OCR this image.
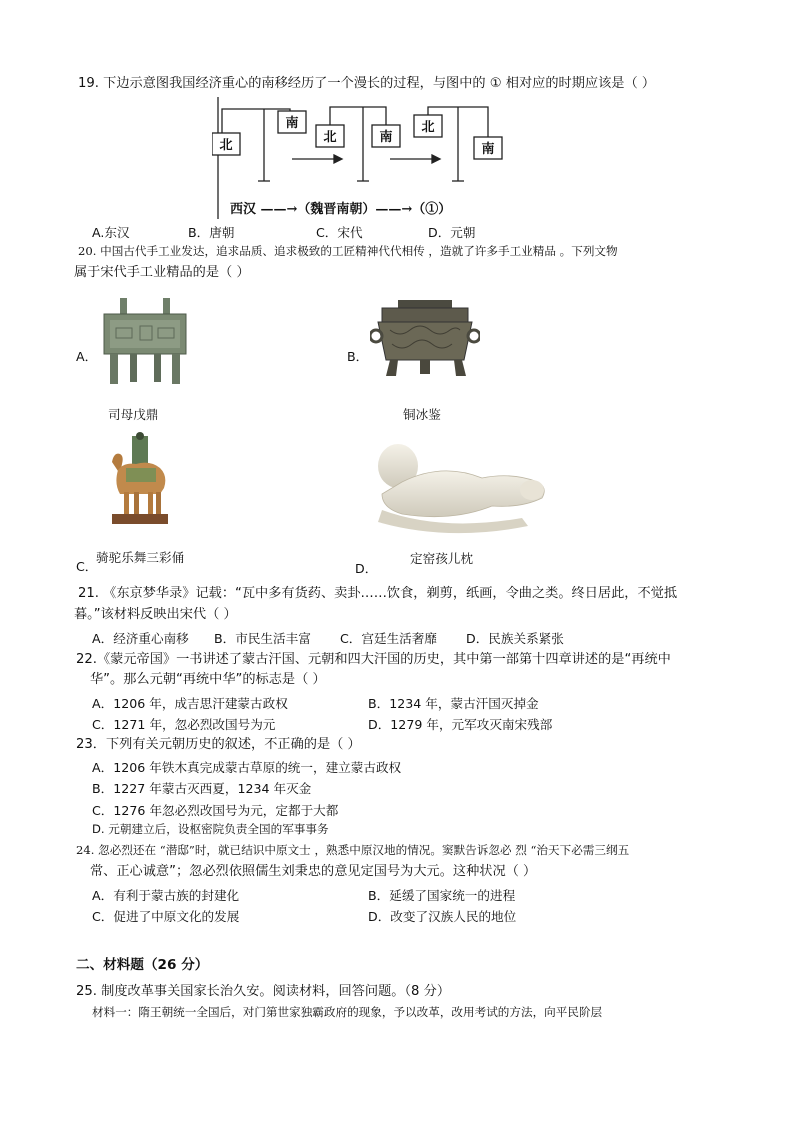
19. 下边示意图我国经济重心的南移经历了一个漫长的过程，与图中的 ① 相对应的时期应该是（ ）
北
南
北	南
北
南
西汉 ——→（魏晋南朝）——→（①）
A.东汉	B．唐朝	C．宋代	D．元朝
20. 中国古代手工业发达，追求品质、追求极致的工匠精神代代相传 ，造就了许多手工业精品 。下列文物
属于宋代手工业精品的是（ ）
A．
司母戊鼎
B．
铜冰鉴
C．
骑驼乐舞三彩俑
D．
定窑孩儿枕
21. 《东京梦华录》记载：“瓦中多有货药、卖卦……饮食，剃剪，纸画，令曲之类。终日居此，不觉抵
暮。”该材料反映出宋代（ ）
A．经济重心南移 B．市民生活丰富 C．宫廷生活奢靡 D．民族关系紧张
22.《蒙元帝国》一书讲述了蒙古汗国、元朝和四大汗国的历史，其中第一部第十四章讲述的是“再统中
华”。那么元朝“再统中华”的标志是（ ）
A．1206 年，成吉思汗建蒙古政权	B．1234 年，蒙古汗国灭掉金
C．1271 年，忽必烈改国号为元	D．1279 年，元军攻灭南宋残部
23．下列有关元朝历史的叙述，不正确的是（ ）
A．1206 年铁木真完成蒙古草原的统一，建立蒙古政权
B．1227 年蒙古灭西夏，1234 年灭金
C．1276 年忽必烈改国号为元，定都于大都
D. 元朝建立后，设枢密院负责全国的军事事务
24. 忽必烈还在 “潜邸”时，就已结识中原文士 ，熟悉中原汉地的情况。窦默告诉忽必 烈 “治天下必需三纲五
常、正心诚意”；忽必烈依照儒生刘秉忠的意见定国号为大元。这种状况（ ）
A．有利于蒙古族的封建化	B．延缓了国家统一的进程
C．促进了中原文化的发展	D．改变了汉族人民的地位
二、材料题（26 分）
25. 制度改革事关国家长治久安。阅读材料，回答问题。（8 分）
材料一：隋王朝统一全国后，对门第世家独霸政府的现象，予以改革，改用考试的方法，向平民阶层
